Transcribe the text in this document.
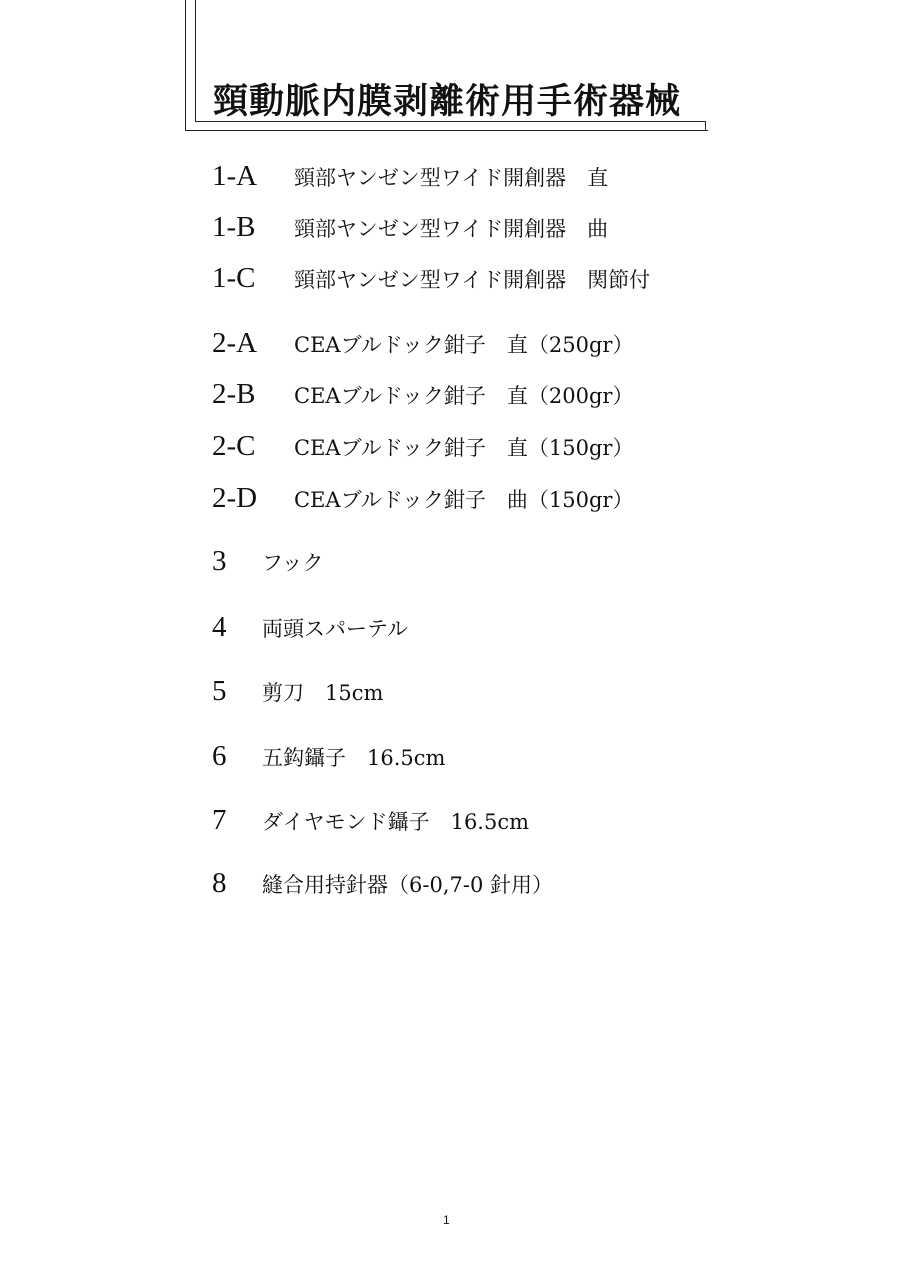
頸動脈内膜剥離術用手術器械
1-A	頸部ヤンゼン型ワイド開創器　直
1-B	頸部ヤンゼン型ワイド開創器　曲
1-C	頸部ヤンゼン型ワイド開創器　関節付
2-A	CEAブルドック鉗子　直（250gr）
2-B	CEAブルドック鉗子　直（200gr）
2-C	CEAブルドック鉗子　直（150gr）
2-D	CEAブルドック鉗子　曲（150gr）
3	フック
4	両頭スパーテル
5	剪刀　15cm
6	五鈎鑷子　16.5cm
7	ダイヤモンド鑷子　16.5cm
8	縫合用持針器（6-0,7-0 針用）
1
